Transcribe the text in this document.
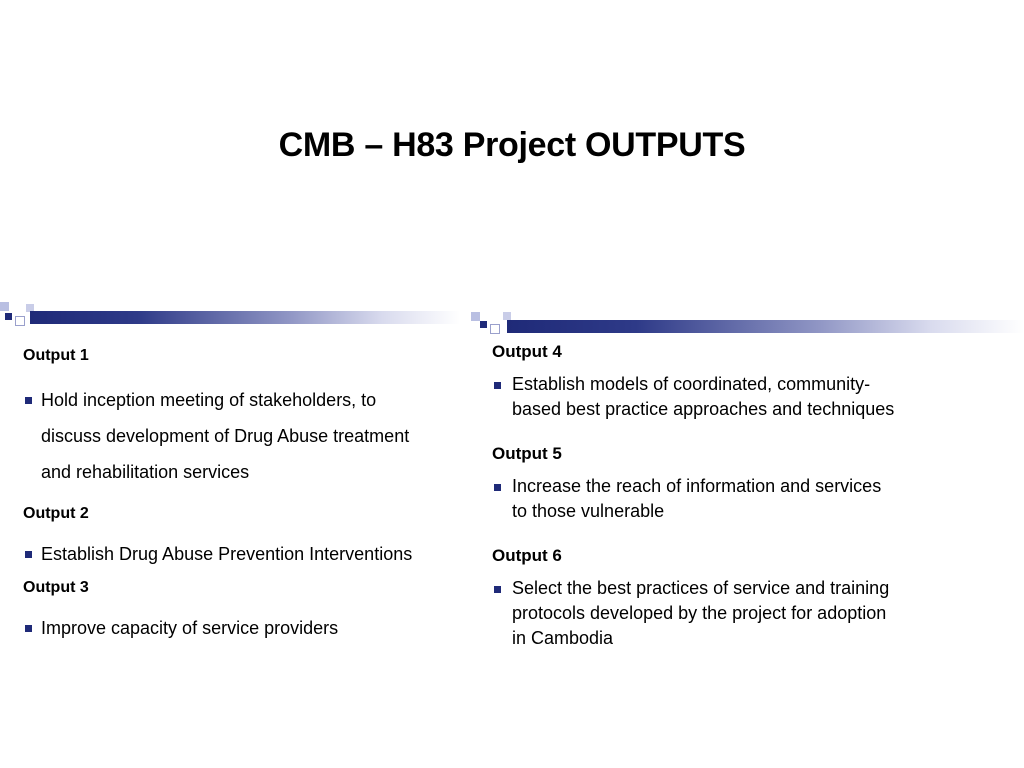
CMB – H83 Project OUTPUTS
Output 1
Hold inception meeting of stakeholders, to
discuss development of Drug Abuse treatment
and rehabilitation services
Output 2
Establish Drug Abuse Prevention Interventions
Output 3
Improve capacity of service providers
Output 4
Establish models of coordinated, community-
based best practice approaches and techniques
Output 5
Increase the reach of information and services
to those vulnerable
Output 6
Select the best practices of service and training
protocols developed by the project for adoption
in Cambodia
